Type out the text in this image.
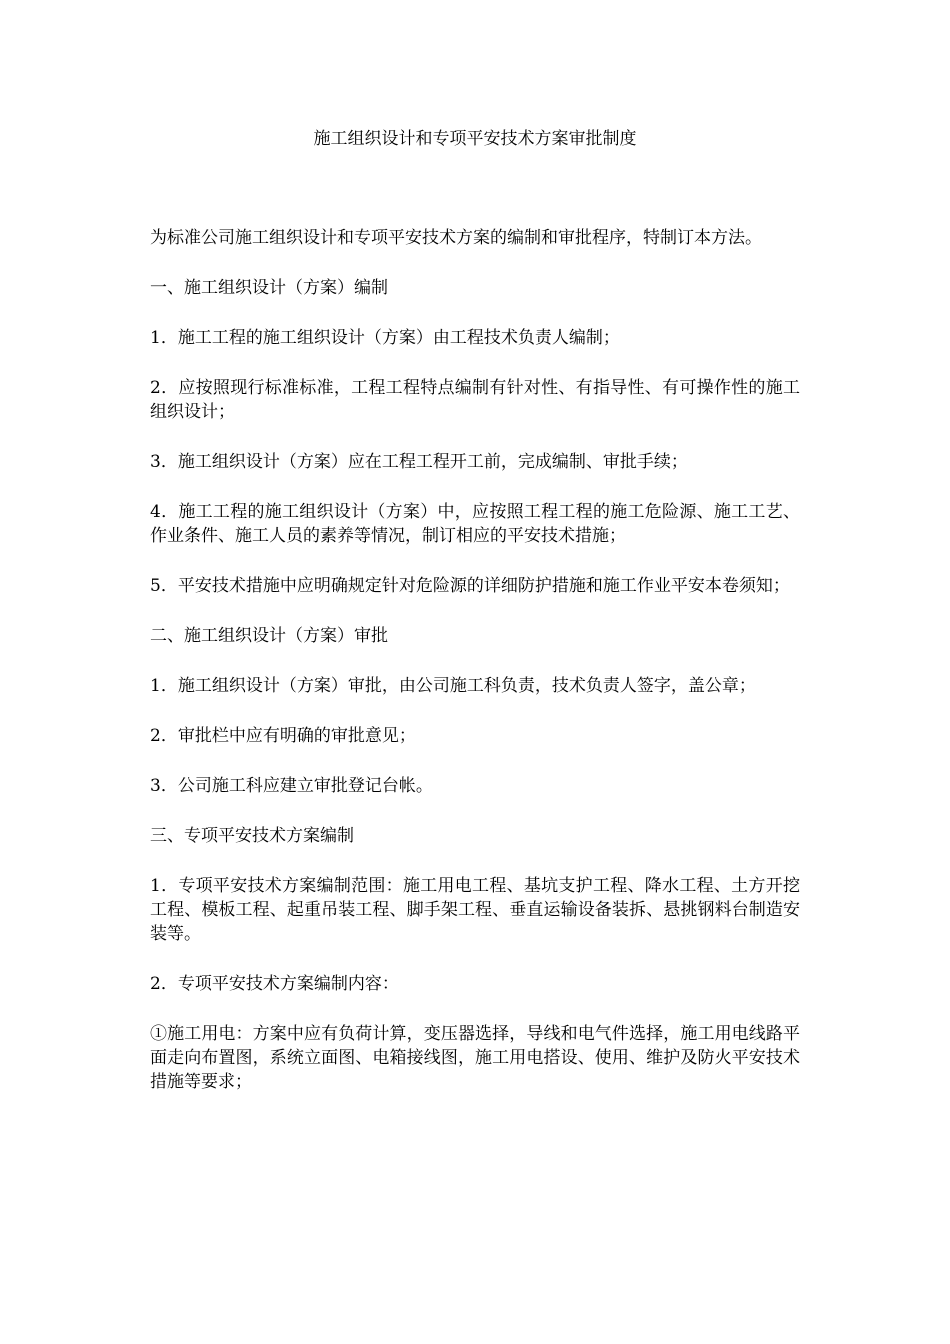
施工组织设计和专项平安技术方案审批制度

为标准公司施工组织设计和专项平安技术方案的编制和审批程序，特制订本方法。

一、施工组织设计（方案）编制

1．施工工程的施工组织设计（方案）由工程技术负责人编制；

2．应按照现行标准标准，工程工程特点编制有针对性、有指导性、有可操作性的施工组织设计；

3．施工组织设计（方案）应在工程工程开工前，完成编制、审批手续；

4．施工工程的施工组织设计（方案）中，应按照工程工程的施工危险源、施工工艺、作业条件、施工人员的素养等情况，制订相应的平安技术措施；

5．平安技术措施中应明确规定针对危险源的详细防护措施和施工作业平安本卷须知；

二、施工组织设计（方案）审批

1．施工组织设计（方案）审批，由公司施工科负责，技术负责人签字，盖公章；

2．审批栏中应有明确的审批意见；

3．公司施工科应建立审批登记台帐。

三、专项平安技术方案编制

1．专项平安技术方案编制范围：施工用电工程、基坑支护工程、降水工程、土方开挖工程、模板工程、起重吊装工程、脚手架工程、垂直运输设备装拆、悬挑钢料台制造安装等。

2．专项平安技术方案编制内容：

①施工用电：方案中应有负荷计算，变压器选择，导线和电气件选择，施工用电线路平面走向布置图，系统立面图、电箱接线图，施工用电搭设、使用、维护及防火平安技术措施等要求；
